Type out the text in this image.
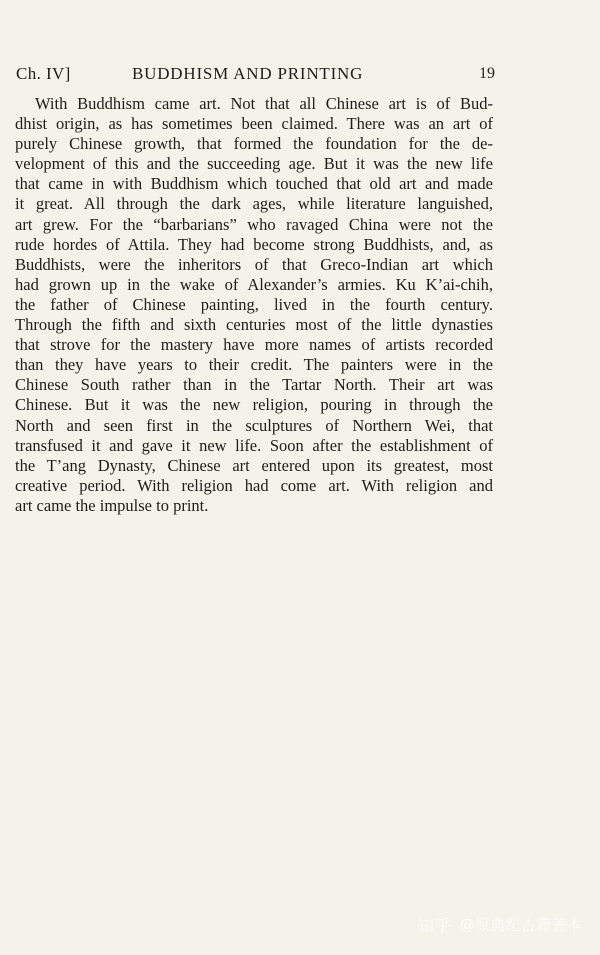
Ch. IV]	BUDDHISM AND PRINTING	19
With Buddhism came art. Not that all Chinese art is of Bud-
dhist origin, as has sometimes been claimed. There was an art of
purely Chinese growth, that formed the foundation for the de-
velopment of this and the succeeding age. But it was the new life
that came in with Buddhism which touched that old art and made
it great. All through the dark ages, while literature languished,
art grew. For the “barbarians” who ravaged China were not the
rude hordes of Attila. They had become strong Buddhists, and, as
Buddhists, were the inheritors of that Greco-Indian art which
had grown up in the wake of Alexander’s armies. Ku K’ai-chih,
the father of Chinese painting, lived in the fourth century.
Through the fifth and sixth centuries most of the little dynasties
that strove for the mastery have more names of artists recorded
than they have years to their credit. The painters were in the
Chinese South rather than in the Tartar North. Their art was
Chinese. But it was the new religion, pouring in through the
North and seen first in the sculptures of Northern Wei, that
transfused it and gave it new life. Soon after the establishment of
the T’ang Dynasty, Chinese art entered upon its greatest, most
creative period. With religion had come art. With religion and
art came the impulse to print.
知乎 @原典纪古籍善本
